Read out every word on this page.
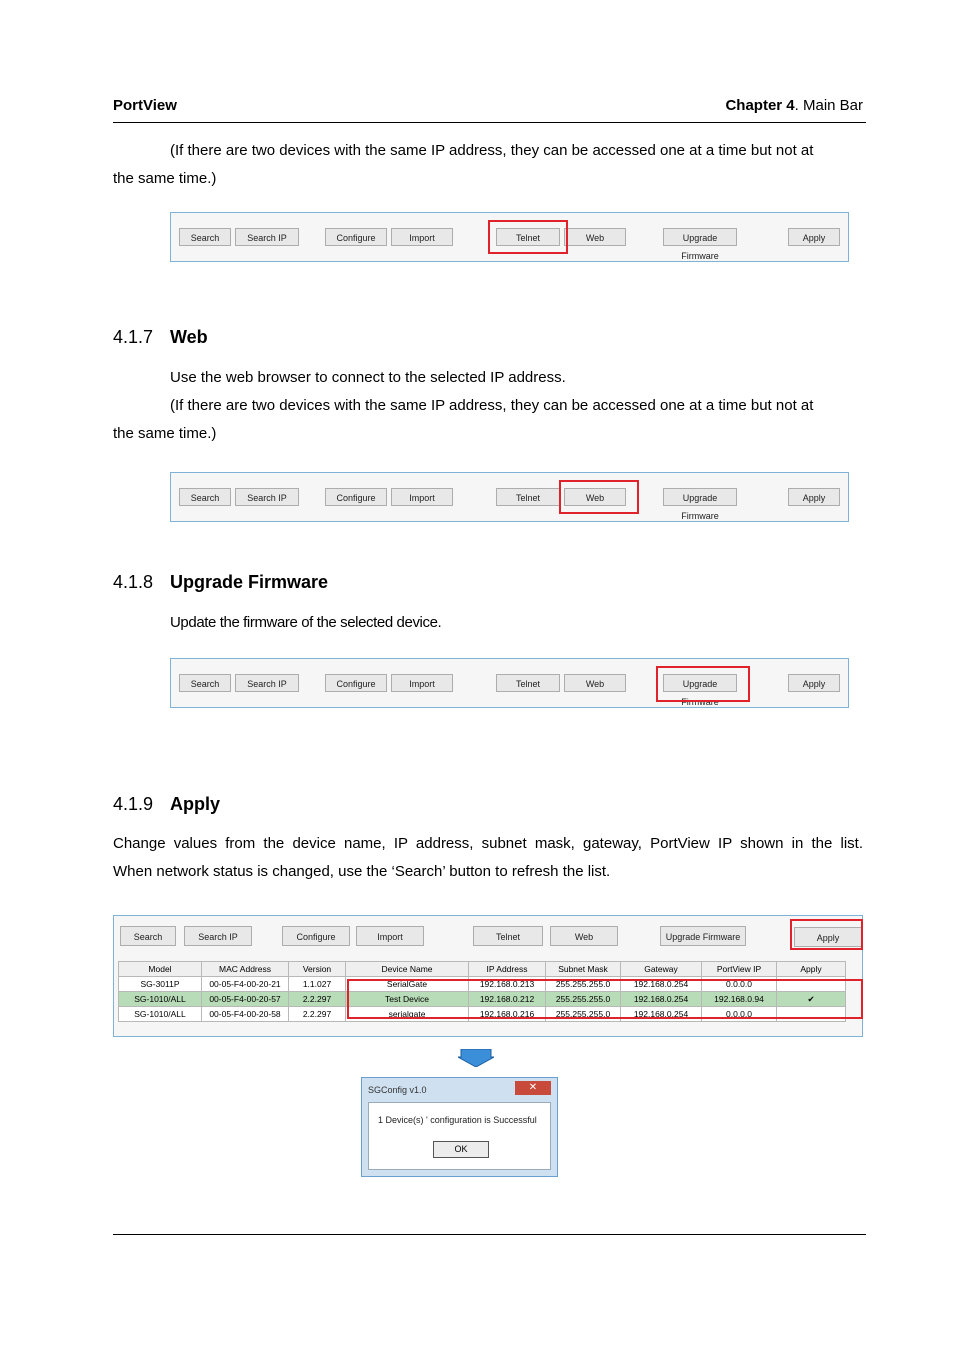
PortView	Chapter 4. Main Bar
(If there are two devices with the same IP address, they can be accessed one at a time but not at
the same time.)
Search	Search IP	Configure	Import	Telnet	Web	Upgrade Firmware
Apply
4.1.7 Web
Use the web browser to connect to the selected IP address.
(If there are two devices with the same IP address, they can be accessed one at a time but not at
the same time.)
Search	Search IP	Configure	Import	Telnet	Web	Upgrade Firmware
Apply
4.1.8 Upgrade Firmware
Update the firmware of the selected device.
Search	Search IP	Configure	Import	Telnet	Web	Upgrade Firmware
Apply
4.1.9 Apply
Change values from the device name, IP address, subnet mask, gateway, PortView IP shown in the list.
When network status is changed, use the ‘Search’ button to refresh the list.
Search	Search IP	Configure	Import	Telnet	Web	Upgrade Firmware	Apply
Model	MAC Address	Version	Device Name	IP Address	Subnet Mask	Gateway	PortView IP	Apply
SG-3011P	00-05-F4-00-20-21	1.1.027	SerialGate	192.168.0.213	255.255.255.0	192.168.0.254	0.0.0.0	
SG-1010/ALL	00-05-F4-00-20-57	2.2.297	Test Device	192.168.0.212	255.255.255.0	192.168.0.254	192.168.0.94	✔
SG-1010/ALL	00-05-F4-00-20-58	2.2.297	serialgate	192.168.0.216	255.255.255.0	192.168.0.254	0.0.0.0	
SGConfig v1.0	✕
1 Device(s) ' configuration is Successful
OK
